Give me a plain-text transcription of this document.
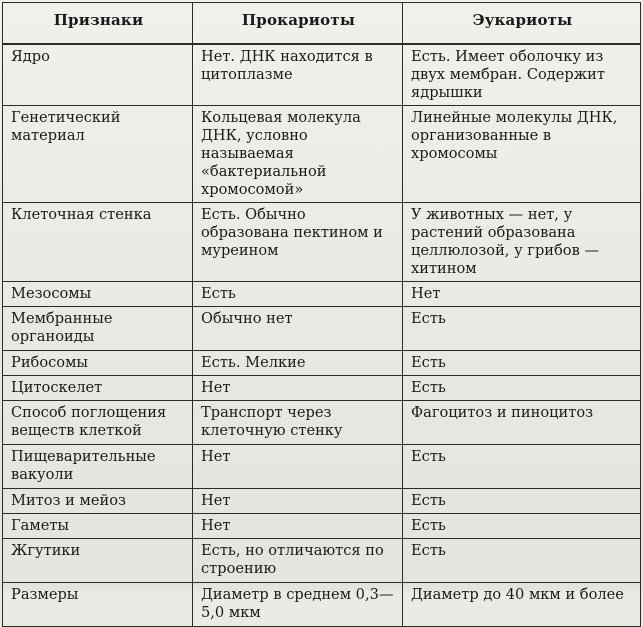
Признаки	Прокариоты	Эукариоты
Ядро	Нет. ДНК находится в цитоплазме	Есть. Имеет оболочку из двух мембран. Содержит ядрышки
Генетический материал	Кольцевая молекула ДНК, условно называемая «бактериальной хромосомой»	Линейные молекулы ДНК, организованные в хромосомы
Клеточная стенка	Есть. Обычно образована пектином и муреином	У животных — нет, у растений образована целлюлозой, у грибов — хитином
Мезосомы	Есть	Нет
Мембранные органоиды	Обычно нет	Есть
Рибосомы	Есть. Мелкие	Есть
Цитоскелет	Нет	Есть
Способ поглощения веществ клеткой	Транспорт через клеточную стенку	Фагоцитоз и пиноцитоз
Пищеварительные вакуоли	Нет	Есть
Митоз и мейоз	Нет	Есть
Гаметы	Нет	Есть
Жгутики	Есть, но отличаются по строению	Есть
Размеры	Диаметр в среднем 0,3—5,0 мкм	Диаметр до 40 мкм и более
